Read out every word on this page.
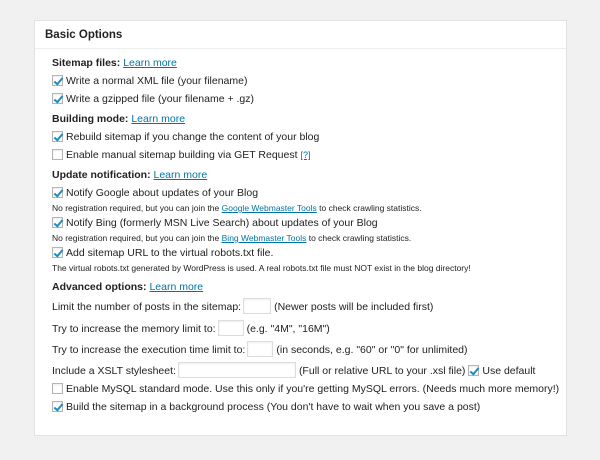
Basic Options
Sitemap files: Learn more
Write a normal XML file (your filename)
Write a gzipped file (your filename + .gz)
Building mode: Learn more
Rebuild sitemap if you change the content of your blog
Enable manual sitemap building via GET Request [?]
Update notification: Learn more
Notify Google about updates of your Blog
No registration required, but you can join the Google Webmaster Tools to check crawling statistics.
Notify Bing (formerly MSN Live Search) about updates of your Blog
No registration required, but you can join the Bing Webmaster Tools to check crawling statistics.
Add sitemap URL to the virtual robots.txt file.
The virtual robots.txt generated by WordPress is used. A real robots.txt file must NOT exist in the blog directory!
Advanced options: Learn more
Limit the number of posts in the sitemap:	(Newer posts will be included first)
Try to increase the memory limit to:	(e.g. "4M", "16M")
Try to increase the execution time limit to:	(in seconds, e.g. "60" or "0" for unlimited)
Include a XSLT stylesheet:	(Full or relative URL to your .xsl file) Use default
Enable MySQL standard mode. Use this only if you're getting MySQL errors. (Needs much more memory!)
Build the sitemap in a background process (You don't have to wait when you save a post)
